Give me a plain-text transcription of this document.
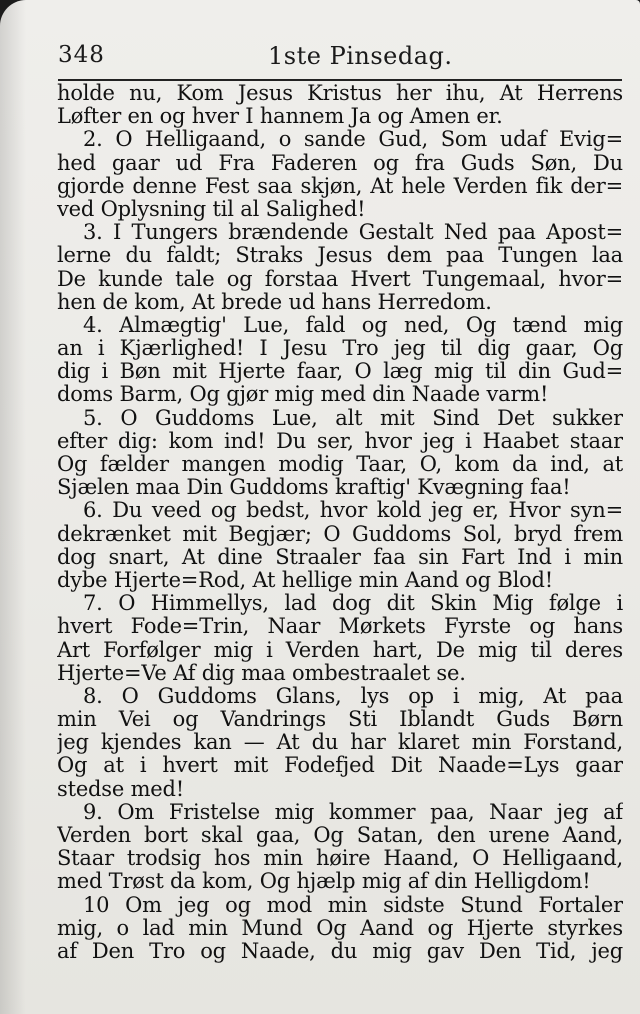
348	1ste Pinsedag.
holde nu, Kom Jesus Kristus her ihu, At Herrens
Løfter en og hver I hannem Ja og Amen er.
2. O Helligaand, o sande Gud, Som udaf Evig=
hed gaar ud Fra Faderen og fra Guds Søn, Du
gjorde denne Fest saa skjøn, At hele Verden fik der=
ved Oplysning til al Salighed!
3. I Tungers brændende Gestalt Ned paa Apost=
lerne du faldt; Straks Jesus dem paa Tungen laa
De kunde tale og forstaa Hvert Tungemaal, hvor=
hen de kom, At brede ud hans Herredom.
4. Almægtig' Lue, fald og ned, Og tænd mig
an i Kjærlighed! I Jesu Tro jeg til dig gaar, Og
dig i Bøn mit Hjerte faar, O læg mig til din Gud=
doms Barm, Og gjør mig med din Naade varm!
5. O Guddoms Lue, alt mit Sind Det sukker
efter dig: kom ind! Du ser, hvor jeg i Haabet staar
Og fælder mangen modig Taar, O, kom da ind, at
Sjælen maa Din Guddoms kraftig' Kvægning faa!
6. Du veed og bedst, hvor kold jeg er, Hvor syn=
dekrænket mit Begjær; O Guddoms Sol, bryd frem
dog snart, At dine Straaler faa sin Fart Ind i min
dybe Hjerte=Rod, At hellige min Aand og Blod!
7. O Himmellys, lad dog dit Skin Mig følge i
hvert Fode=Trin, Naar Mørkets Fyrste og hans
Art Forfølger mig i Verden hart, De mig til deres
Hjerte=Ve Af dig maa ombestraalet se.
8. O Guddoms Glans, lys op i mig, At paa
min Vei og Vandrings Sti Iblandt Guds Børn
jeg kjendes kan — At du har klaret min Forstand,
Og at i hvert mit Fodefjed Dit Naade=Lys gaar
stedse med!
9. Om Fristelse mig kommer paa, Naar jeg af
Verden bort skal gaa, Og Satan, den urene Aand,
Staar trodsig hos min høire Haand, O Helligaand,
med Trøst da kom, Og hjælp mig af din Helligdom!
10 Om jeg og mod min sidste Stund Fortaler
mig, o lad min Mund Og Aand og Hjerte styrkes
af Den Tro og Naade, du mig gav Den Tid, jeg
